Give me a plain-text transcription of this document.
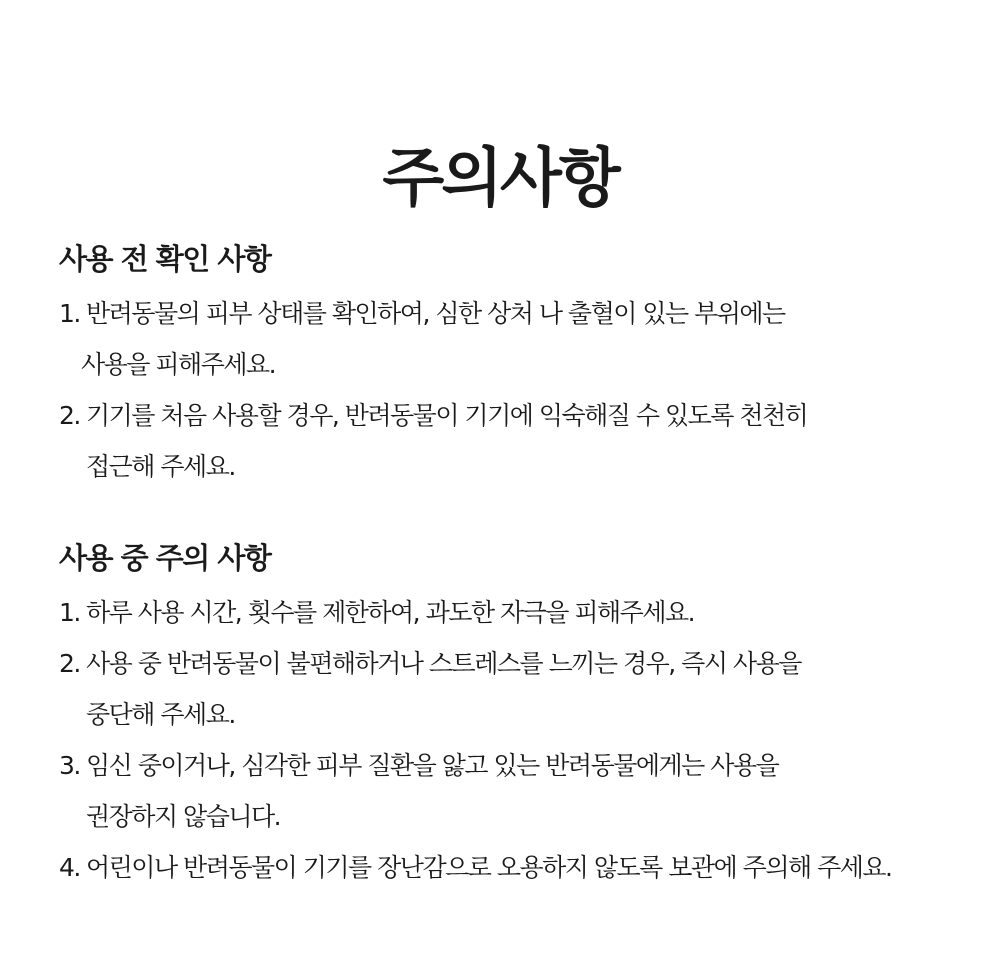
주의사항
사용 전 확인 사항
1. 반려동물의 피부 상태를 확인하여, 심한 상처 나 출혈이 있는 부위에는
사용을 피해주세요.
2. 기기를 처음 사용할 경우, 반려동물이 기기에 익숙해질 수 있도록 천천히
접근해 주세요.
사용 중 주의 사항
1. 하루 사용 시간, 횟수를 제한하여, 과도한 자극을 피해주세요.
2. 사용 중 반려동물이 불편해하거나 스트레스를 느끼는 경우, 즉시 사용을
중단해 주세요.
3. 임신 중이거나, 심각한 피부 질환을 앓고 있는 반려동물에게는 사용을
권장하지 않습니다.
4. 어린이나 반려동물이 기기를 장난감으로 오용하지 않도록 보관에 주의해 주세요.
